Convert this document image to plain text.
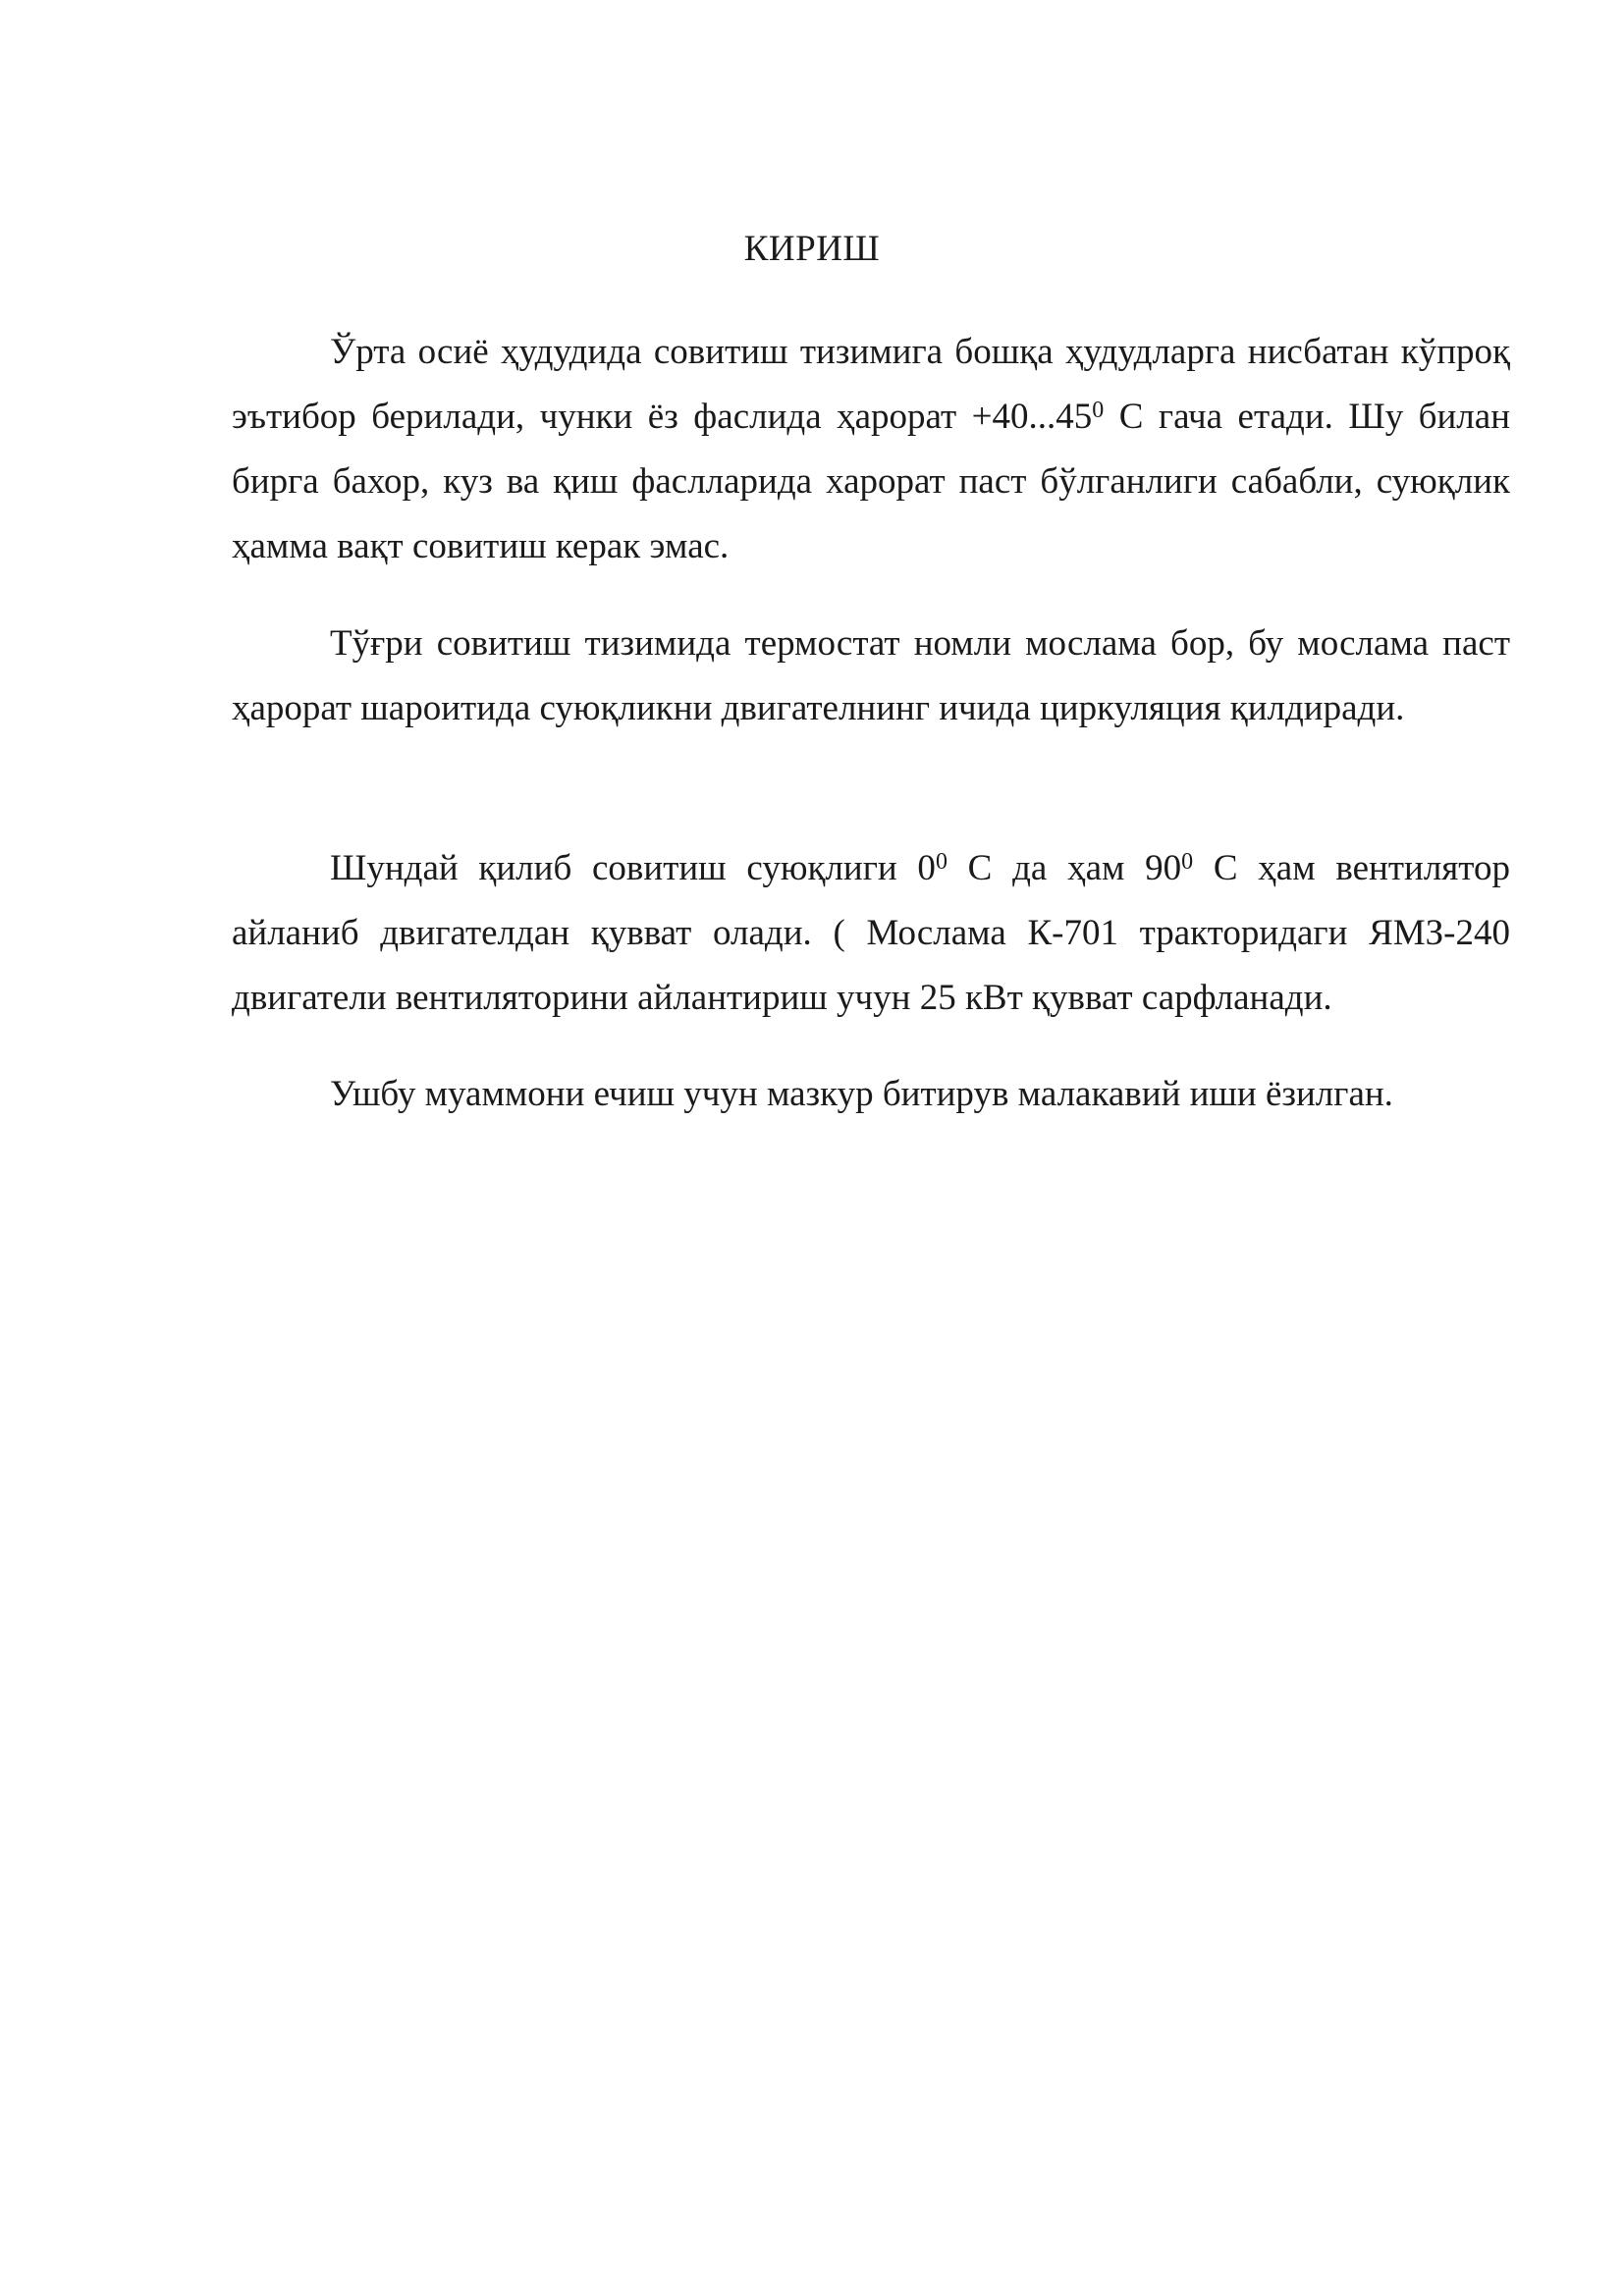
КИРИШ

Ўрта осиё ҳудудида совитиш тизимига бошқа ҳудудларга нисбатан кўпроқ эътибор берилади, чунки ёз фаслида ҳарорат $+40...45^0$ С гача етади. Шу билан бирга бахор, куз ва қиш фаслларида харорат паст бўлганлиги сабабли, суюқлик ҳамма вақт совитиш керак эмас.

Тўғри совитиш тизимида термостат номли мослама бор, бу мослама паст ҳарорат шароитида суюқликни двигателнинг ичида циркуляция қилдиради.

Шундай қилиб совитиш суюқлиги $0^0$ С да ҳам $90^0$ С ҳам вентилятор айланиб двигателдан қувват олади. ( Мослама К-701 тракторидаги ЯМЗ-240 двигатели вентиляторини айлантириш учун 25 кВт қувват сарфланади.

Ушбу муаммони ечиш учун мазкур битирув малакавий иши ёзилган.
